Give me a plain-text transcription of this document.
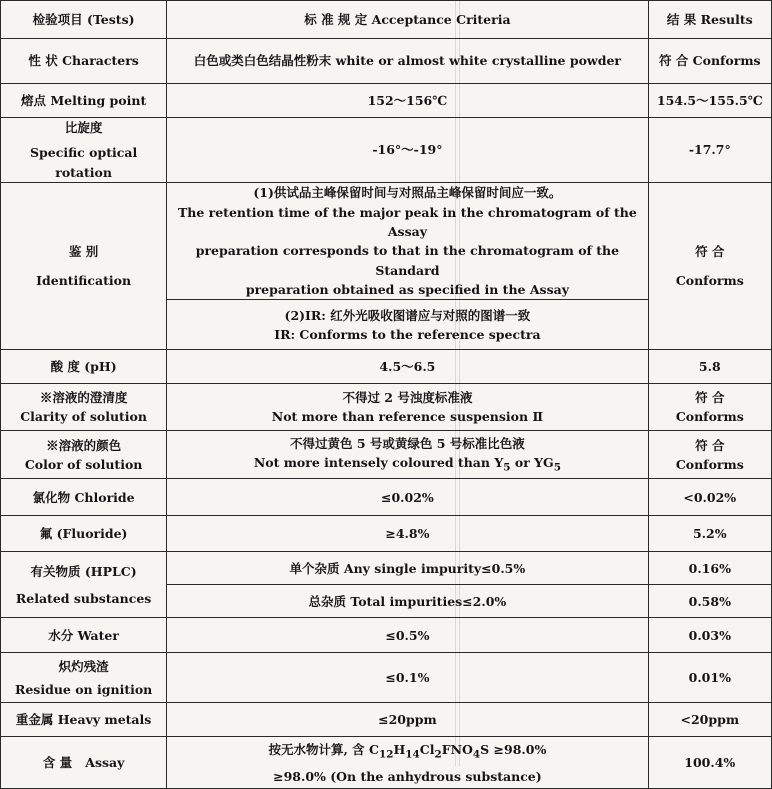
检验项目 (Tests)	标 准 规 定 Acceptance Criteria	结 果 Results
性 状 Characters	白色或类白色结晶性粉末 white or almost white crystalline powder	符 合 Conforms
熔点 Melting point	152～156℃	154.5～155.5℃

比旋度
Specific optical rotation	-16°～-19°	-17.7°

鉴 别
Identification	(1)供试品主峰保留时间与对照品主峰保留时间应一致。
The retention time of the major peak in the chromatogram of the Assay
preparation corresponds to that in the chromatogram of the Standard
preparation obtained as specified in the Assay	符 合
Conforms

	(2)IR: 红外光吸收图谱应与对照的图谱一致
IR: Conforms to the reference spectra	

酸 度 (pH)	4.5～6.5	5.8

※溶液的澄清度
Clarity of solution	不得过 2 号浊度标准液
Not more than reference suspension Ⅱ	符 合
Conforms

※溶液的颜色
Color of solution	不得过黄色 5 号或黄绿色 5 号标准比色液
Not more intensely coloured than $Y_5$ or $YG_5$	符 合
Conforms

氯化物 Chloride	≤0.02%	<0.02%
氟 (Fluoride)	≥4.8%	5.2%

有关物质 (HPLC)
Related substances	单个杂质 Any single impurity≤0.5%	0.16%
	总杂质 Total impurities≤2.0%	0.58%
水分 Water	≤0.5%	0.03%

炽灼残渣
Residue on ignition	≤0.1%	0.01%
重金属 Heavy metals	≤20ppm	<20ppm
含 量 Assay	按无水物计算, 含 $C_{12}H_{14}Cl_2FNO_4S \ge 98.0\%$
≥98.0% (On the anhydrous substance)	100.4%
